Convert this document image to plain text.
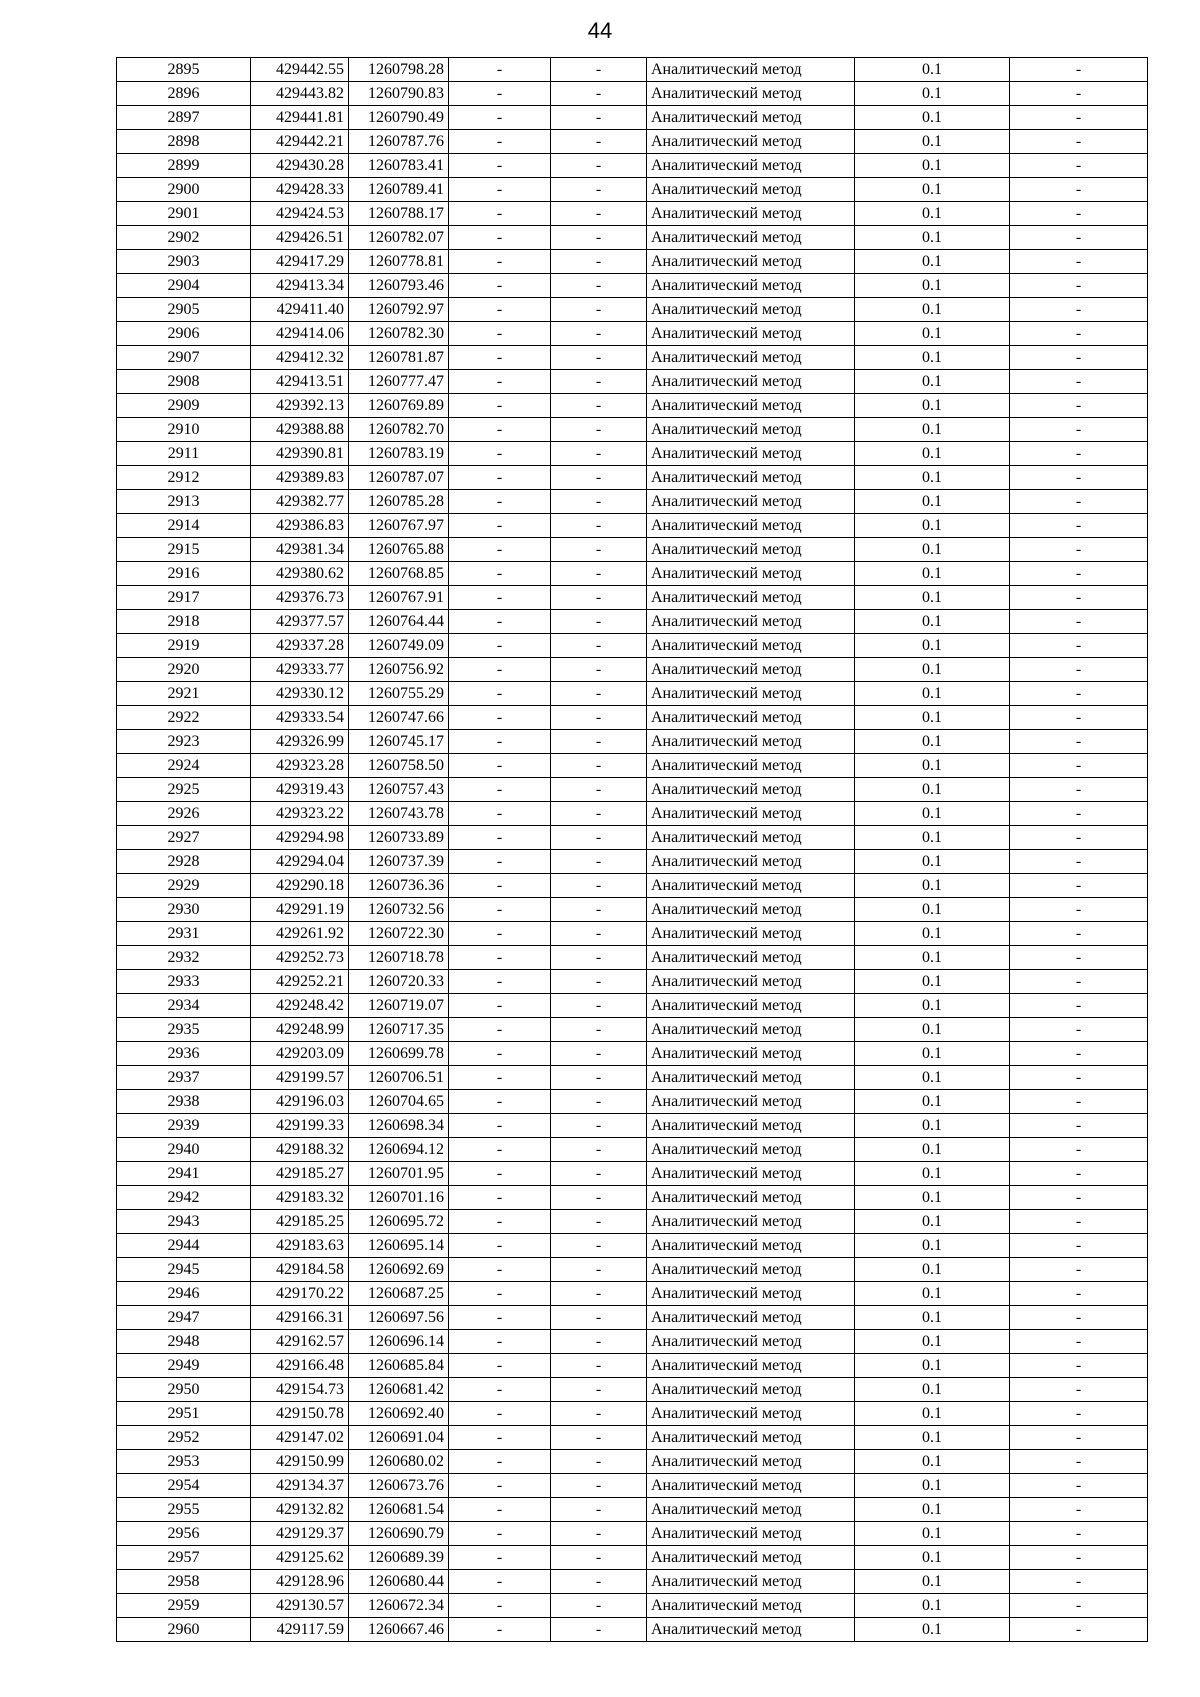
44
2895	429442.55	1260798.28	-	-	Аналитический метод	0.1	-
2896	429443.82	1260790.83	-	-	Аналитический метод	0.1	-
2897	429441.81	1260790.49	-	-	Аналитический метод	0.1	-
2898	429442.21	1260787.76	-	-	Аналитический метод	0.1	-
2899	429430.28	1260783.41	-	-	Аналитический метод	0.1	-
2900	429428.33	1260789.41	-	-	Аналитический метод	0.1	-
2901	429424.53	1260788.17	-	-	Аналитический метод	0.1	-
2902	429426.51	1260782.07	-	-	Аналитический метод	0.1	-
2903	429417.29	1260778.81	-	-	Аналитический метод	0.1	-
2904	429413.34	1260793.46	-	-	Аналитический метод	0.1	-
2905	429411.40	1260792.97	-	-	Аналитический метод	0.1	-
2906	429414.06	1260782.30	-	-	Аналитический метод	0.1	-
2907	429412.32	1260781.87	-	-	Аналитический метод	0.1	-
2908	429413.51	1260777.47	-	-	Аналитический метод	0.1	-
2909	429392.13	1260769.89	-	-	Аналитический метод	0.1	-
2910	429388.88	1260782.70	-	-	Аналитический метод	0.1	-
2911	429390.81	1260783.19	-	-	Аналитический метод	0.1	-
2912	429389.83	1260787.07	-	-	Аналитический метод	0.1	-
2913	429382.77	1260785.28	-	-	Аналитический метод	0.1	-
2914	429386.83	1260767.97	-	-	Аналитический метод	0.1	-
2915	429381.34	1260765.88	-	-	Аналитический метод	0.1	-
2916	429380.62	1260768.85	-	-	Аналитический метод	0.1	-
2917	429376.73	1260767.91	-	-	Аналитический метод	0.1	-
2918	429377.57	1260764.44	-	-	Аналитический метод	0.1	-
2919	429337.28	1260749.09	-	-	Аналитический метод	0.1	-
2920	429333.77	1260756.92	-	-	Аналитический метод	0.1	-
2921	429330.12	1260755.29	-	-	Аналитический метод	0.1	-
2922	429333.54	1260747.66	-	-	Аналитический метод	0.1	-
2923	429326.99	1260745.17	-	-	Аналитический метод	0.1	-
2924	429323.28	1260758.50	-	-	Аналитический метод	0.1	-
2925	429319.43	1260757.43	-	-	Аналитический метод	0.1	-
2926	429323.22	1260743.78	-	-	Аналитический метод	0.1	-
2927	429294.98	1260733.89	-	-	Аналитический метод	0.1	-
2928	429294.04	1260737.39	-	-	Аналитический метод	0.1	-
2929	429290.18	1260736.36	-	-	Аналитический метод	0.1	-
2930	429291.19	1260732.56	-	-	Аналитический метод	0.1	-
2931	429261.92	1260722.30	-	-	Аналитический метод	0.1	-
2932	429252.73	1260718.78	-	-	Аналитический метод	0.1	-
2933	429252.21	1260720.33	-	-	Аналитический метод	0.1	-
2934	429248.42	1260719.07	-	-	Аналитический метод	0.1	-
2935	429248.99	1260717.35	-	-	Аналитический метод	0.1	-
2936	429203.09	1260699.78	-	-	Аналитический метод	0.1	-
2937	429199.57	1260706.51	-	-	Аналитический метод	0.1	-
2938	429196.03	1260704.65	-	-	Аналитический метод	0.1	-
2939	429199.33	1260698.34	-	-	Аналитический метод	0.1	-
2940	429188.32	1260694.12	-	-	Аналитический метод	0.1	-
2941	429185.27	1260701.95	-	-	Аналитический метод	0.1	-
2942	429183.32	1260701.16	-	-	Аналитический метод	0.1	-
2943	429185.25	1260695.72	-	-	Аналитический метод	0.1	-
2944	429183.63	1260695.14	-	-	Аналитический метод	0.1	-
2945	429184.58	1260692.69	-	-	Аналитический метод	0.1	-
2946	429170.22	1260687.25	-	-	Аналитический метод	0.1	-
2947	429166.31	1260697.56	-	-	Аналитический метод	0.1	-
2948	429162.57	1260696.14	-	-	Аналитический метод	0.1	-
2949	429166.48	1260685.84	-	-	Аналитический метод	0.1	-
2950	429154.73	1260681.42	-	-	Аналитический метод	0.1	-
2951	429150.78	1260692.40	-	-	Аналитический метод	0.1	-
2952	429147.02	1260691.04	-	-	Аналитический метод	0.1	-
2953	429150.99	1260680.02	-	-	Аналитический метод	0.1	-
2954	429134.37	1260673.76	-	-	Аналитический метод	0.1	-
2955	429132.82	1260681.54	-	-	Аналитический метод	0.1	-
2956	429129.37	1260690.79	-	-	Аналитический метод	0.1	-
2957	429125.62	1260689.39	-	-	Аналитический метод	0.1	-
2958	429128.96	1260680.44	-	-	Аналитический метод	0.1	-
2959	429130.57	1260672.34	-	-	Аналитический метод	0.1	-
2960	429117.59	1260667.46	-	-	Аналитический метод	0.1	-
